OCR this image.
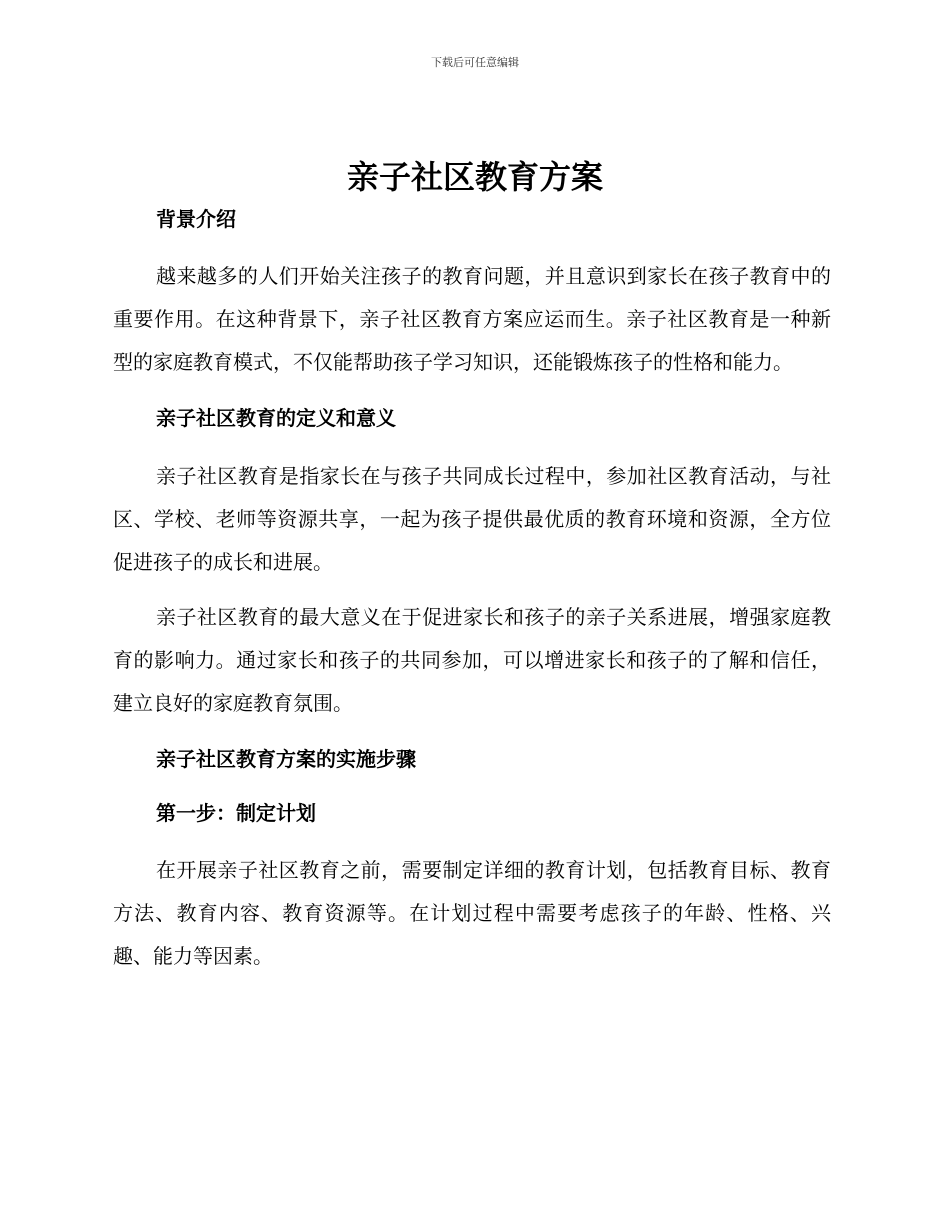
下载后可任意编辑
亲子社区教育方案
背景介绍

越来越多的人们开始关注孩子的教育问题，并且意识到家长在孩子教育中的重要作用。在这种背景下，亲子社区教育方案应运而生。亲子社区教育是一种新型的家庭教育模式，不仅能帮助孩子学习知识，还能锻炼孩子的性格和能力。

亲子社区教育的定义和意义

亲子社区教育是指家长在与孩子共同成长过程中，参加社区教育活动，与社区、学校、老师等资源共享，一起为孩子提供最优质的教育环境和资源，全方位促进孩子的成长和进展。

亲子社区教育的最大意义在于促进家长和孩子的亲子关系进展，增强家庭教育的影响力。通过家长和孩子的共同参加，可以增进家长和孩子的了解和信任，建立良好的家庭教育氛围。

亲子社区教育方案的实施步骤
第一步：制定计划

在开展亲子社区教育之前，需要制定详细的教育计划，包括教育目标、教育方法、教育内容、教育资源等。在计划过程中需要考虑孩子的年龄、性格、兴趣、能力等因素。
